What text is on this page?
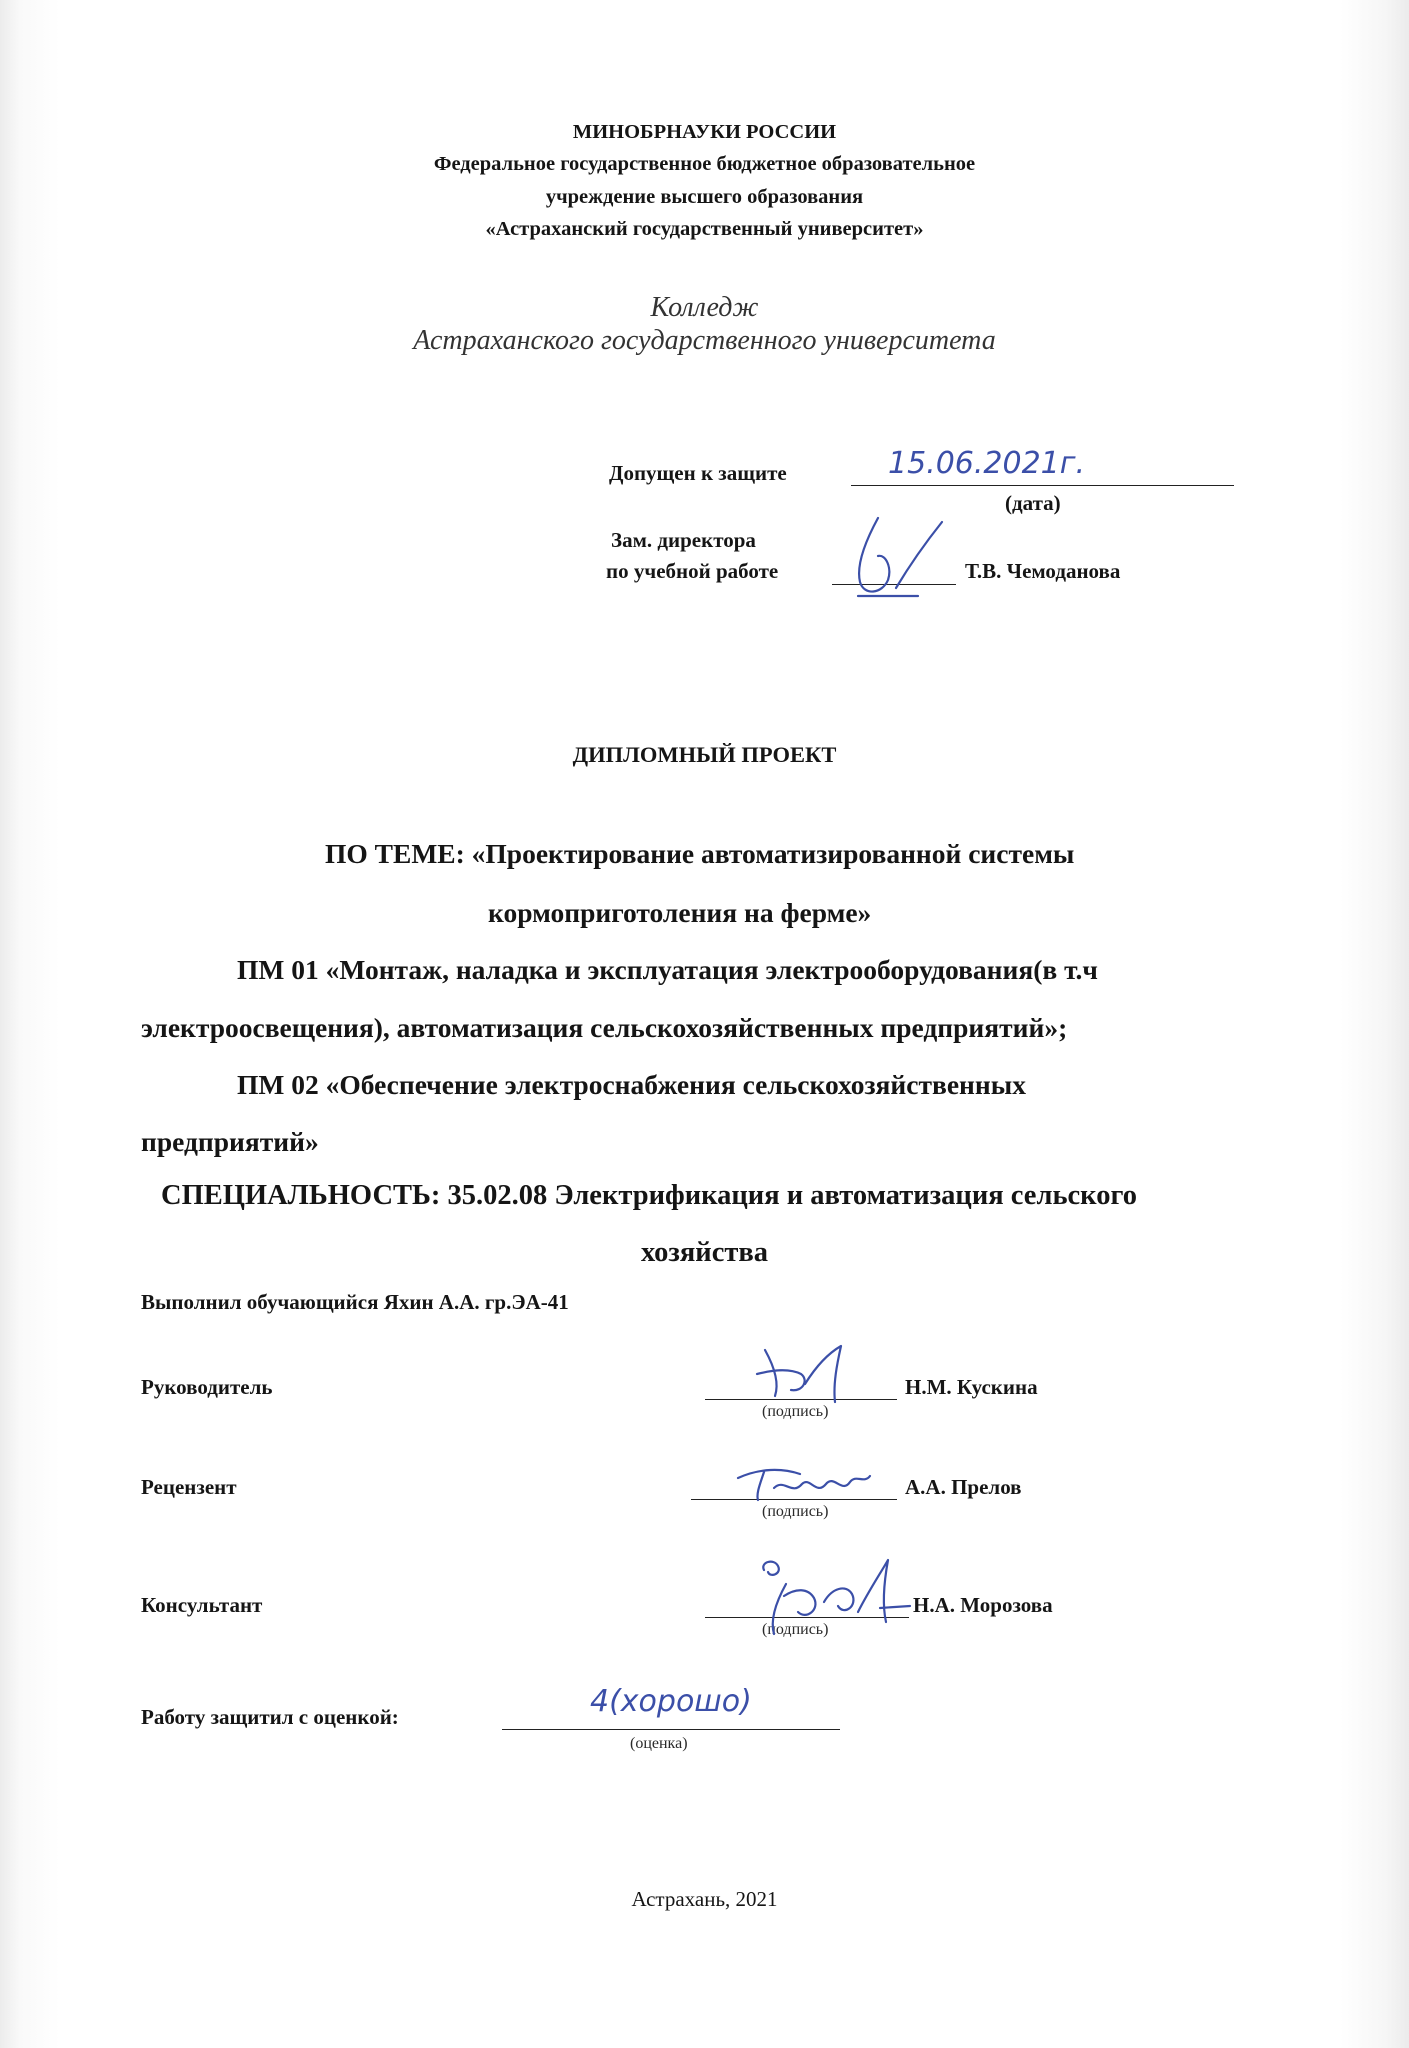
МИНОБРНАУКИ РОССИИ
Федеральное государственное бюджетное образовательное
учреждение высшего образования
«Астраханский государственный университет»
Колледж
Астраханского государственного университета
Допущен к защите	15.06.2021г.
(дата)
Зам. директора
по учебной работе	Т.В. Чемоданова
ДИПЛОМНЫЙ ПРОЕКТ
ПО ТЕМЕ: «Проектирование автоматизированной системы
кормоприготоления на ферме»
ПМ 01 «Монтаж, наладка и эксплуатация электрооборудования(в т.ч
электроосвещения), автоматизация сельскохозяйственных предприятий»;
ПМ 02 «Обеспечение электроснабжения сельскохозяйственных
предприятий»
СПЕЦИАЛЬНОСТЬ: 35.02.08 Электрификация и автоматизация сельского
хозяйства
Выполнил обучающийся Яхин А.А. гр.ЭА-41
Руководитель	Н.М. Кускина
(подпись)
Рецензент	А.А. Прелов
(подпись)
Консультант	Н.А. Морозова
(подпись)
Работу защитил с оценкой:	4(хорошо)
(оценка)
Астрахань, 2021
